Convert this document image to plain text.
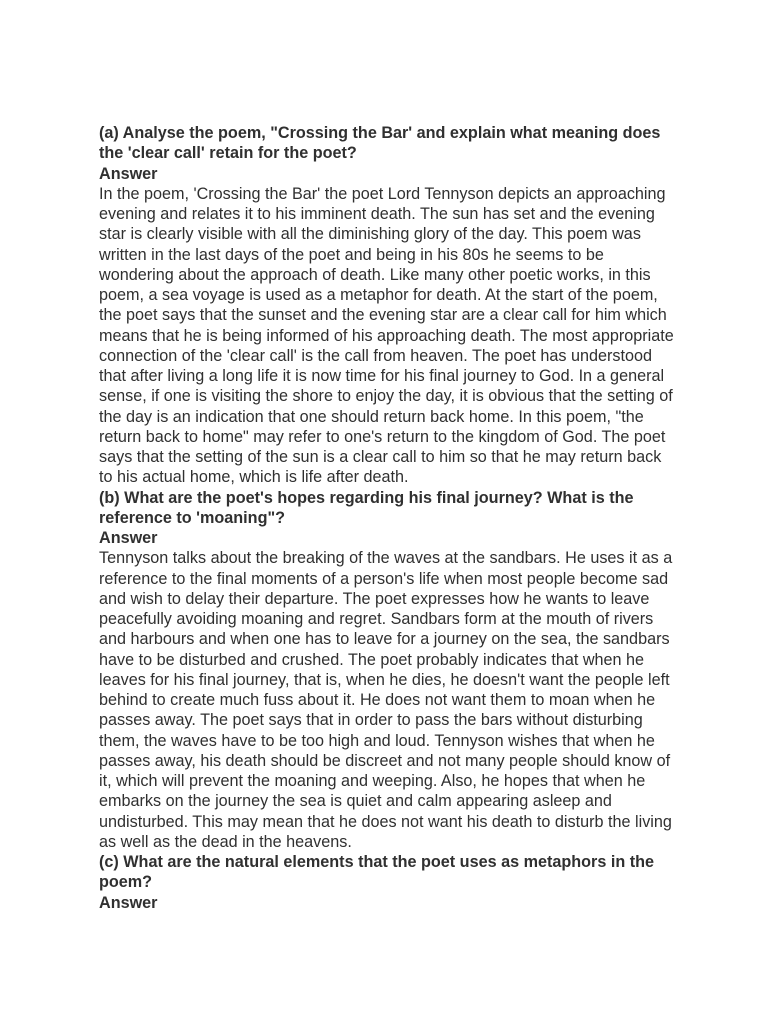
(a) Analyse the poem, "Crossing the Bar' and explain what meaning does the 'clear call' retain for the poet?

Answer

In the poem, 'Crossing the Bar' the poet Lord Tennyson depicts an approaching evening and relates it to his imminent death. The sun has set and the evening star is clearly visible with all the diminishing glory of the day. This poem was written in the last days of the poet and being in his 80s he seems to be wondering about the approach of death. Like many other poetic works, in this poem, a sea voyage is used as a metaphor for death. At the start of the poem, the poet says that the sunset and the evening star are a clear call for him which means that he is being informed of his approaching death. The most appropriate connection of the 'clear call' is the call from heaven. The poet has understood that after living a long life it is now time for his final journey to God. In a general sense, if one is visiting the shore to enjoy the day, it is obvious that the setting of the day is an indication that one should return back home. In this poem, "the return back to home" may refer to one's return to the kingdom of God. The poet says that the setting of the sun is a clear call to him so that he may return back to his actual home, which is life after death.

(b) What are the poet's hopes regarding his final journey? What is the reference to 'moaning"?

Answer

Tennyson talks about the breaking of the waves at the sandbars. He uses it as a reference to the final moments of a person's life when most people become sad and wish to delay their departure. The poet expresses how he wants to leave peacefully avoiding moaning and regret. Sandbars form at the mouth of rivers and harbours and when one has to leave for a journey on the sea, the sandbars have to be disturbed and crushed. The poet probably indicates that when he leaves for his final journey, that is, when he dies, he doesn't want the people left behind to create much fuss about it. He does not want them to moan when he passes away. The poet says that in order to pass the bars without disturbing them, the waves have to be too high and loud. Tennyson wishes that when he passes away, his death should be discreet and not many people should know of it, which will prevent the moaning and weeping. Also, he hopes that when he embarks on the journey the sea is quiet and calm appearing asleep and undisturbed. This may mean that he does not want his death to disturb the living as well as the dead in the heavens.

(c) What are the natural elements that the poet uses as metaphors in the poem?

Answer
